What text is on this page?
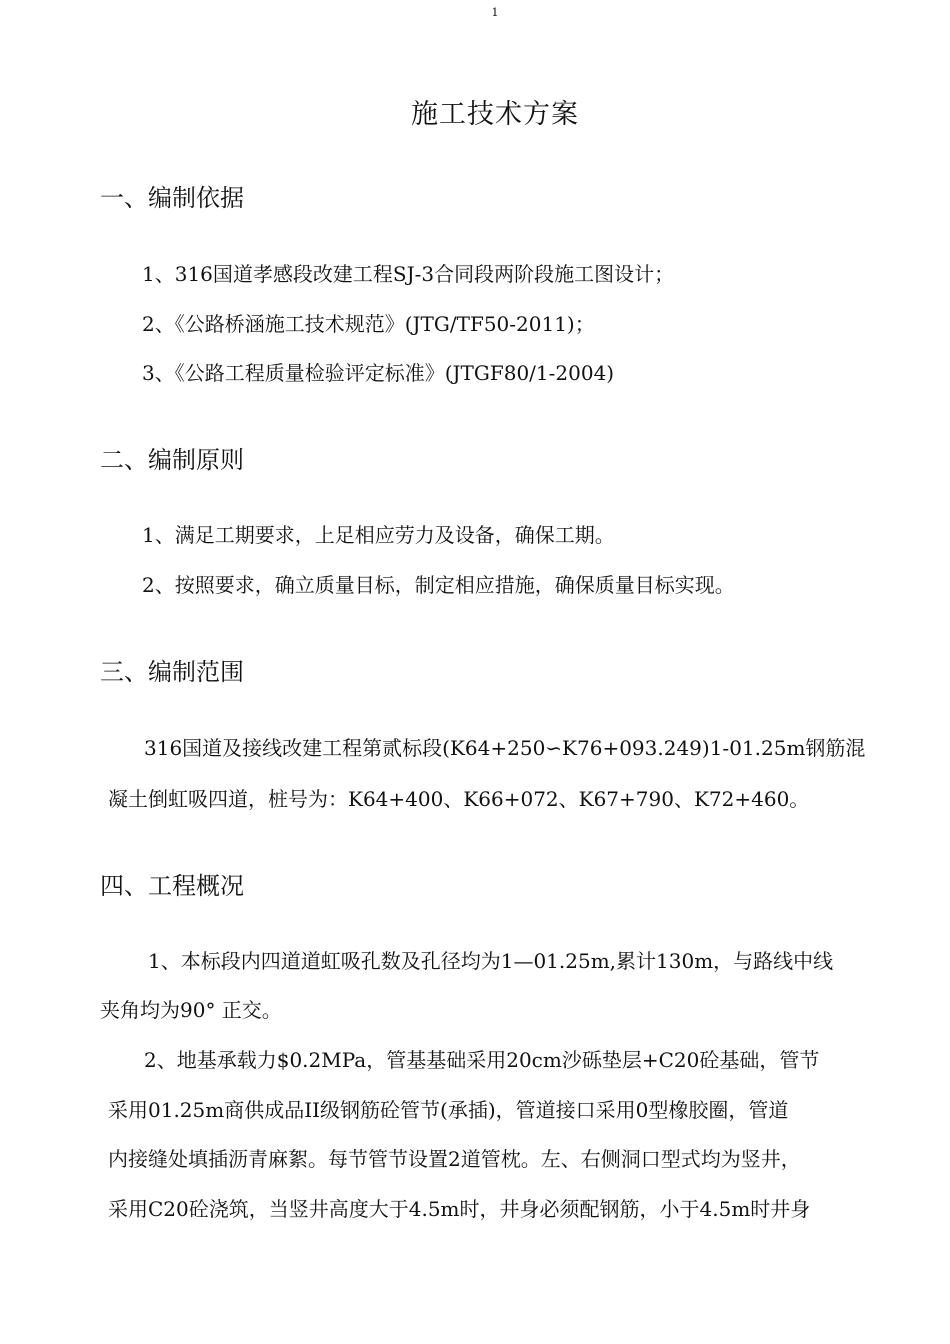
1
施工技术方案
一、编制依据
1、316国道孝感段改建工程SJ-3合同段两阶段施工图设计；
2、《公路桥涵施工技术规范》(JTG/TF50-2011)；
3、《公路工程质量检验评定标准》(JTGF80/1-2004)
二、编制原则
1、满足工期要求，上足相应劳力及设备，确保工期。
2、按照要求，确立质量目标，制定相应措施，确保质量目标实现。
三、编制范围
316国道及接线改建工程第贰标段(K64+250∽K76+093.249)1-01.25m钢筋混
凝土倒虹吸四道，桩号为：K64+400、K66+072、K67+790、K72+460。
四、工程概况
1、本标段内四道道虹吸孔数及孔径均为1—01.25m,累计130m，与路线中线
夹角均为90° 正交。
2、地基承载力$0.2MPa，管基基础采用20cm沙砾垫层+C20砼基础，管节
采用01.25m商供成品II级钢筋砼管节(承插)，管道接口采用0型橡胶圈，管道
内接缝处填插沥青麻絮。每节管节设置2道管枕。左、右侧洞口型式均为竖井，
采用C20砼浇筑，当竖井高度大于4.5m时，井身必须配钢筋，小于4.5m时井身
